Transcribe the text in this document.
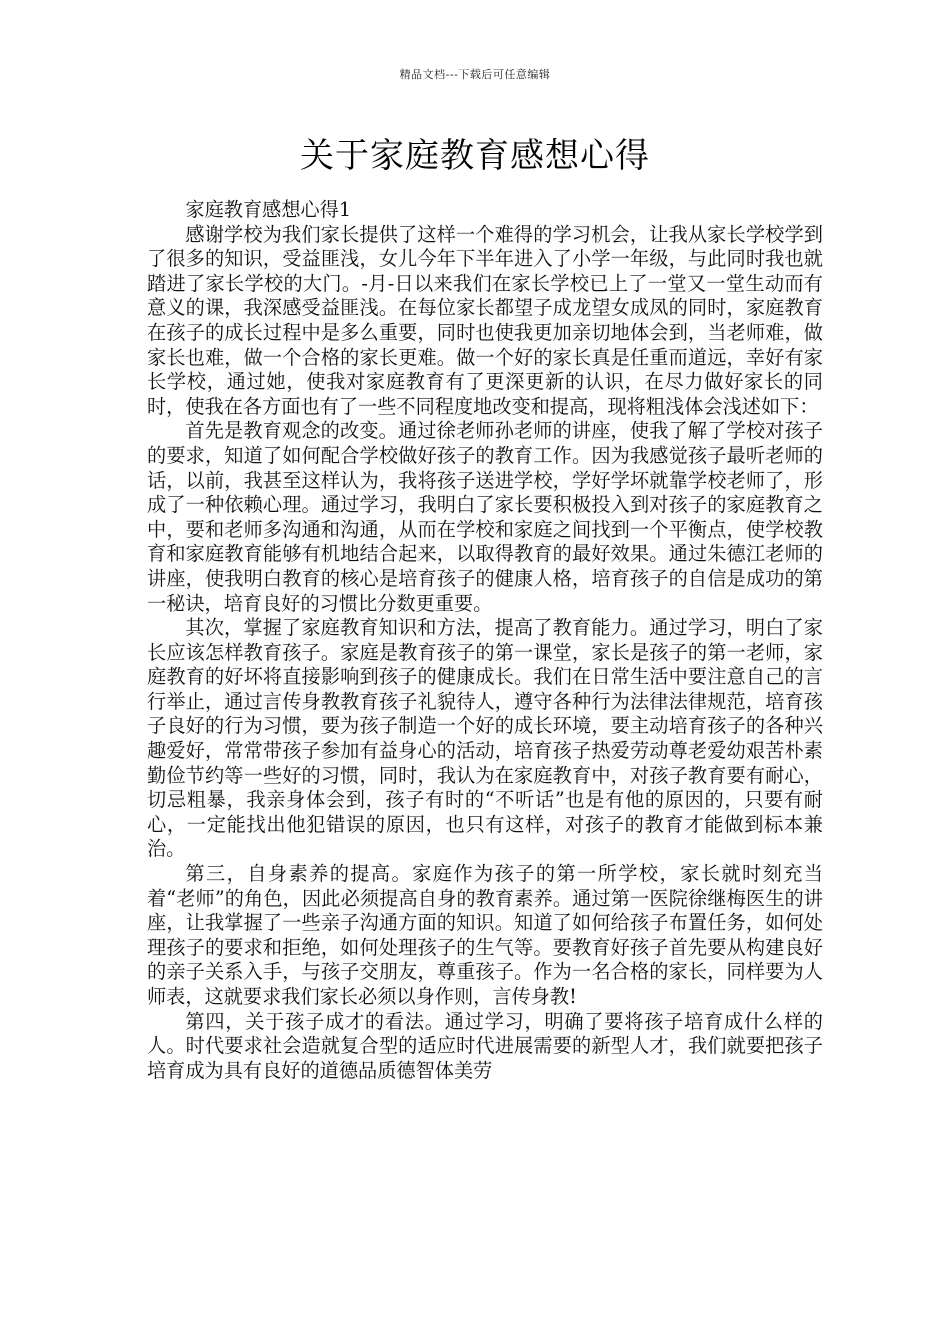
精品文档---下载后可任意编辑
关于家庭教育感想心得

家庭教育感想心得1

感谢学校为我们家长提供了这样一个难得的学习机会，让我从家长学校学到了很多的知识，受益匪浅，女儿今年下半年进入了小学一年级，与此同时我也就踏进了家长学校的大门。-月-日以来我们在家长学校已上了一堂又一堂生动而有意义的课，我深感受益匪浅。在每位家长都望子成龙望女成凤的同时，家庭教育在孩子的成长过程中是多么重要，同时也使我更加亲切地体会到，当老师难，做家长也难，做一个合格的家长更难。做一个好的家长真是任重而道远，幸好有家长学校，通过她，使我对家庭教育有了更深更新的认识，在尽力做好家长的同时，使我在各方面也有了一些不同程度地改变和提高，现将粗浅体会浅述如下：

首先是教育观念的改变。通过徐老师孙老师的讲座，使我了解了学校对孩子的要求，知道了如何配合学校做好孩子的教育工作。因为我感觉孩子最听老师的话，以前，我甚至这样认为，我将孩子送进学校，学好学坏就靠学校老师了，形成了一种依赖心理。通过学习，我明白了家长要积极投入到对孩子的家庭教育之中，要和老师多沟通和沟通，从而在学校和家庭之间找到一个平衡点，使学校教育和家庭教育能够有机地结合起来，以取得教育的最好效果。通过朱德江老师的讲座，使我明白教育的核心是培育孩子的健康人格，培育孩子的自信是成功的第一秘诀，培育良好的习惯比分数更重要。

其次，掌握了家庭教育知识和方法，提高了教育能力。通过学习，明白了家长应该怎样教育孩子。家庭是教育孩子的第一课堂，家长是孩子的第一老师，家庭教育的好坏将直接影响到孩子的健康成长。我们在日常生活中要注意自己的言行举止，通过言传身教教育孩子礼貌待人，遵守各种行为法律法律规范，培育孩子良好的行为习惯，要为孩子制造一个好的成长环境，要主动培育孩子的各种兴趣爱好，常常带孩子参加有益身心的活动，培育孩子热爱劳动尊老爱幼艰苦朴素勤俭节约等一些好的习惯，同时，我认为在家庭教育中，对孩子教育要有耐心，切忌粗暴，我亲身体会到，孩子有时的“不听话”也是有他的原因的，只要有耐心，一定能找出他犯错误的原因，也只有这样，对孩子的教育才能做到标本兼治。

第三，自身素养的提高。家庭作为孩子的第一所学校，家长就时刻充当着“老师”的角色，因此必须提高自身的教育素养。通过第一医院徐继梅医生的讲座，让我掌握了一些亲子沟通方面的知识。知道了如何给孩子布置任务，如何处理孩子的要求和拒绝，如何处理孩子的生气等。要教育好孩子首先要从构建良好的亲子关系入手，与孩子交朋友，尊重孩子。作为一名合格的家长，同样要为人师表，这就要求我们家长必须以身作则，言传身教!

第四，关于孩子成才的看法。通过学习，明确了要将孩子培育成什么样的人。时代要求社会造就复合型的适应时代进展需要的新型人才，我们就要把孩子培育成为具有良好的道德品质德智体美劳
